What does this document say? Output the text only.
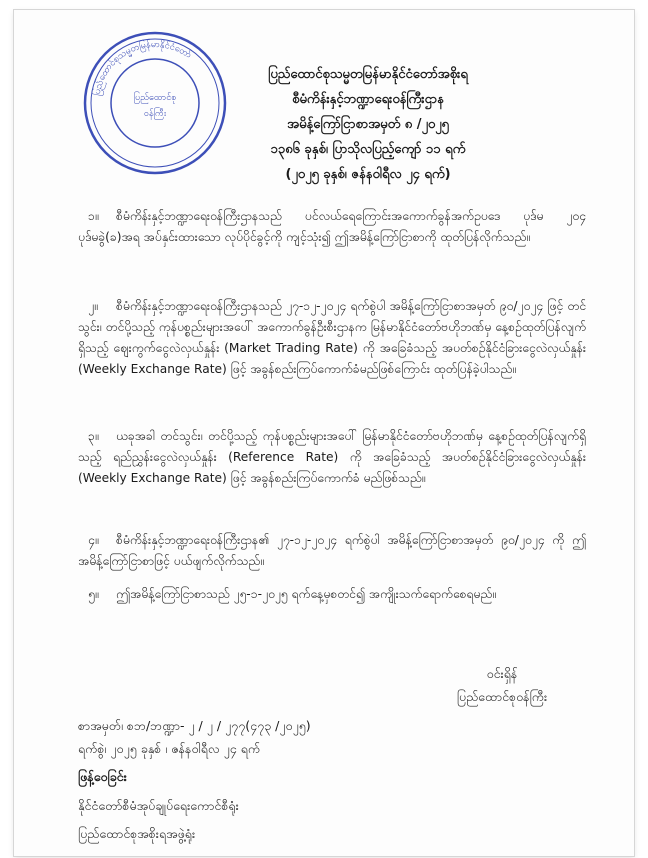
ပြည်ထောင်စုသမ္မတမြန်မာနိုင်ငံတော်
ပြည်ထောင်စု
ဝန်ကြီး
ပြည်ထောင်စုသမ္မတမြန်မာနိုင်ငံတော်အစိုးရ
စီမံကိန်းနှင့်ဘဏ္ဍာရေးဝန်ကြီးဌာန
အမိန့်ကြော်ငြာစာအမှတ် ၈ /၂၀၂၅
၁၃၈၆ ခုနှစ်၊ ပြာသိုလပြည့်ကျော် ၁၁ ရက်
(၂၀၂၅ ခုနှစ်၊ ဇန်နဝါရီလ ၂၄ ရက်)
၁။ စီမံကိန်းနှင့်ဘဏ္ဍာရေးဝန်ကြီးဌာနသည် ပင်လယ်ရေကြောင်းအကောက်ခွန်အက်ဥပဒေ ပုဒ်မ ၂၀၄ ပုဒ်မခွဲ(ခ)အရ အပ်နှင်းထားသော လုပ်ပိုင်ခွင့်ကို ကျင့်သုံး၍ ဤအမိန့်ကြော်ငြာစာကို ထုတ်ပြန်လိုက်သည်။
၂။ စီမံကိန်းနှင့်ဘဏ္ဍာရေးဝန်ကြီးဌာနသည် ၂၇-၁၂-၂၀၂၄ ရက်စွဲပါ အမိန့်ကြော်ငြာစာအမှတ် ၉၀/၂၀၂၄ ဖြင့် တင်သွင်း၊ တင်ပို့သည့် ကုန်ပစ္စည်းများအပေါ် အကောက်ခွန်ဦးစီးဌာနက မြန်မာနိုင်ငံတော်ဗဟိုဘဏ်မှ နေ့စဉ်ထုတ်ပြန်လျက်ရှိသည့် ဈေးကွက်ငွေလဲလှယ်နှုန်း (Market Trading Rate) ကို အခြေခံသည့် အပတ်စဉ်နိုင်ငံခြားငွေလဲလှယ်နှုန်း (Weekly Exchange Rate) ဖြင့် အခွန်စည်းကြပ်ကောက်ခံမည်ဖြစ်ကြောင်း ထုတ်ပြန်ခဲ့ပါသည်။
၃။ ယခုအခါ တင်သွင်း၊ တင်ပို့သည့် ကုန်ပစ္စည်းများအပေါ် မြန်မာနိုင်ငံတော်ဗဟိုဘဏ်မှ နေ့စဉ်ထုတ်ပြန်လျက်ရှိသည့် ရည်ညွှန်းငွေလဲလှယ်နှုန်း (Reference Rate) ကို အခြေခံသည့် အပတ်စဉ်နိုင်ငံခြားငွေလဲလှယ်နှုန်း (Weekly Exchange Rate) ဖြင့် အခွန်စည်းကြပ်ကောက်ခံ မည်ဖြစ်သည်။
၄။ စီမံကိန်းနှင့်ဘဏ္ဍာရေးဝန်ကြီးဌာန၏ ၂၇-၁၂-၂၀၂၄ ရက်စွဲပါ အမိန့်ကြော်ငြာစာအမှတ် ၉၀/၂၀၂၄ ကို ဤအမိန့်ကြော်ငြာစာဖြင့် ပယ်ဖျက်လိုက်သည်။
၅။ ဤအမိန့်ကြော်ငြာစာသည် ၂၅-၁-၂၀၂၅ ရက်နေ့မှစတင်၍ အကျိုးသက်ရောက်စေရမည်။
ဝင်းရှိန်
ပြည်ထောင်စုဝန်ကြီး
စာအမှတ်၊ စဘ/ဘဏ္ဍာ- ၂ / ၂ / ၂၇၇(၄၇၃ /၂၀၂၅)
ရက်စွဲ၊ ၂၀၂၅ ခုနှစ် ၊ ဇန်နဝါရီလ ၂၄ ရက်
ဖြန့်ဝေခြင်း
နိုင်ငံတော်စီမံအုပ်ချုပ်ရေးကောင်စီရုံး
ပြည်ထောင်စုအစိုးရအဖွဲ့ရုံး
